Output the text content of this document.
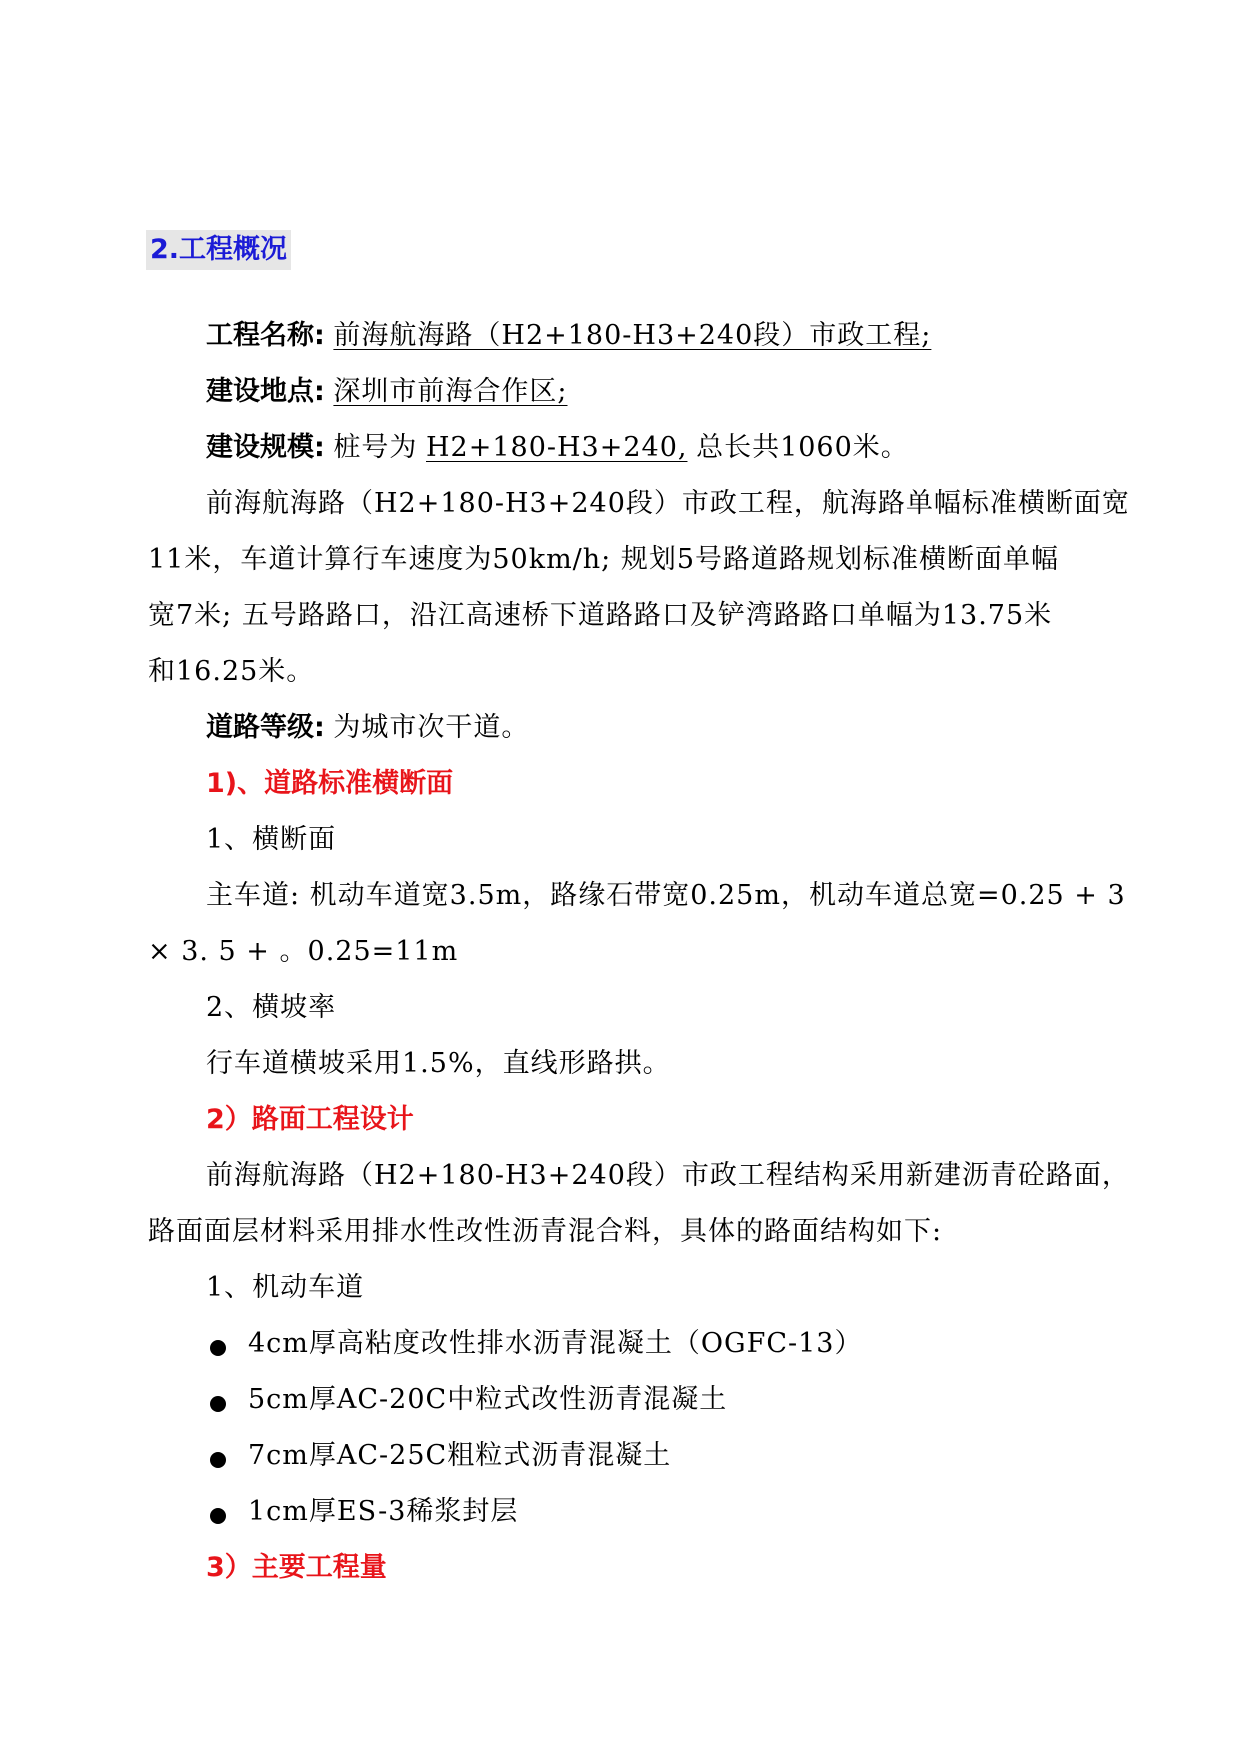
2.工程概况
工程名称: 前海航海路（H2+180-H3+240段）市政工程;
建设地点: 深圳市前海合作区;
建设规模: 桩号为 H2+180-H3+240, 总长共1060米。
前海航海路（H2+180-H3+240段）市政工程，航海路单幅标准横断面宽
11米，车道计算行车速度为50km/h; 规划5号路道路规划标准横断面单幅
宽7米; 五号路路口，沿江高速桥下道路路口及铲湾路路口单幅为13.75米
和16.25米。
道路等级: 为城市次干道。
1)、道路标准横断面
1、横断面
主车道: 机动车道宽3.5m，路缘石带宽0.25m，机动车道总宽=0.25 + 3
× 3. 5 + 。0.25=11m
2、横坡率
行车道横坡采用1.5%，直线形路拱。
2）路面工程设计
前海航海路（H2+180-H3+240段）市政工程结构采用新建沥青砼路面，
路面面层材料采用排水性改性沥青混合料，具体的路面结构如下:
1、机动车道
4cm厚高粘度改性排水沥青混凝土（OGFC-13）
5cm厚AC-20C中粒式改性沥青混凝土
7cm厚AC-25C粗粒式沥青混凝土
1cm厚ES-3稀浆封层
3）主要工程量
